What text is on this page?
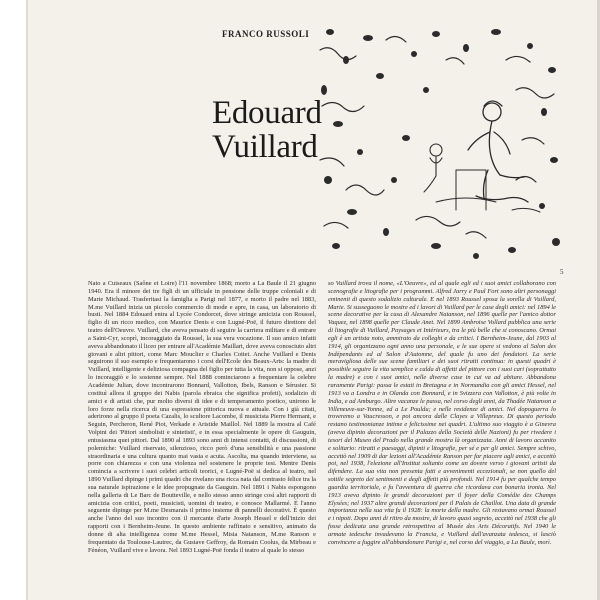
FRANCO RUSSOLI
Edouard
Vuillard
5

Nato a Cuiseaux (Saône et Loire) l'11 novembre 1868; morto a La Baule il 21 giugno 1940. Era il minore dei tre figli di un ufficiale in pensione delle truppe coloniali e di Marie Michaud. Trasferitasi la famiglia a Parigi nel 1877, e morto il padre nel 1883, M.me Vuillard inizia un piccolo commercio di mode e apre, in casa, un laboratorio di busti. Nel 1884 Edouard entra al Lycée Condorcet, dove stringe amicizia con Roussel, figlio di un ricco medico, con Maurice Denis e con Lugné-Poë, il futuro direttore del teatro dell'Oeuvre. Vuillard, che aveva pensato di seguire la carriera militare e di entrare a Saint-Cyr, scoprì, incoraggiato da Roussel, la sua vera vocazione. Il suo amico infatti aveva abbandonato il liceo per entrare all'Académie Maillart, dove aveva conosciuto altri giovani e altri pittori, come Marc Mouclier e Charles Cottet. Anche Vuillard e Denis seguirono il suo esempio e frequentarono i corsi dell'Ecole des Beaux-Arts: la madre di Vuillard, intelligente e deliziosa compagna del figlio per tutta la vita, non si oppose, anzi lo incoraggiò e lo sostenne sempre. Nel 1888 cominciarono a frequentare la celebre Académie Julian, dove incontrarono Bonnard, Vallotton, Ibels, Ranson e Sérusier. Si costituì allora il gruppo dei Nabis (parola ebraica che significa profeti), sodalizio di amici e di artisti che, pur molto diversi di idee e di temperamento poetico, unirono le loro forze nella ricerca di una espressione pittorica nuova e attuale. Con i già citati, aderirono al gruppo il poeta Cazalis, lo scultore Lacombe, il musicista Pierre Hermant, e Seguin, Percheron, René Piot, Verkade e Aristide Maillol. Nel 1889 la mostra al Café Volpini dei 'Pittori simbolisti e sintetisti', e in essa specialmente le opere di Gauguin, entusiasma quei pittori. Dal 1890 al 1893 sono anni di intensi contatti, di discussioni, di polemiche: Vuillard riservato, silenzioso, ricco però d'una sensibilità e una passione straordinaria e una cultura quanto mai vasta e acuta. Ascolta, ma quando interviene, sa porre con chiarezza e con una violenza nel sostenere le proprie tesi. Mentre Denis comincia a scrivere i suoi celebri articoli teorici, e Lugné-Poë si dedica al teatro, nel 1890 Vuillard dipinge i primi quadri che rivelano una ricca nata dal contrasto felice tra la sua naturale ispirazione e le idee propugnate da Gauguin. Nel 1891 i Nabis espongono nella galleria di Le Barc de Boutteville, e nello stesso anno stringe così altri rapporti di amicizia con critici, poeti, musicisti, uomini di teatro, e conosce Mallarmé. È l'anno seguente dipinge per M.me Desmarais il primo insieme di pannelli decorativi. È questo anche l'anno del suo incontro con il mercante d'arte Joseph Hessel e dell'inizio dei rapporti con i Bernheim-Jeune. In questo ambiente raffinato e sensitivo, animato da donne di alta intelligenza come M.me Hessel, Misia Natanson, M.me Ranson e frequentato da Toulouse-Lautrec, da Gustave Geffroy, da Romain Coolus, da Mirbeau e Fénéon, Vuillard vive e lavora. Nel 1893 Lugné-Poë fonda il teatro al quale lo stesso

so Vuillard trova il nome, «L'Oeuvre», ed al quale egli ed i suoi amici collaborano con scenografie e litografie per i programmi. Alfred Jarry e Paul Fort sono altri personaggi eminenti di questo sodalizio culturale. E nel 1893 Roussel sposa la sorella di Vuillard, Marie. Si susseguono le mostre ed i lavori di Vuillard per le case degli amici: nel 1894 le scene decorative per la casa di Alexandre Natanson, nel 1896 quelle per l'amico dottor Vaquez, nel 1898 quelle per Claude Anet. Nel 1899 Ambroise Vollard pubblica una serie di litografie di Vuillard, Paysages et Intérieurs, tra le più belle che si conoscano. Ormai egli è un artista noto, ammirato da colleghi e da critici. I Bernheim-Jeune, dal 1903 al 1914, gli organizzano ogni anno una personale, e le sue opere si vedono al Salon des Indépendants ed al Salon d'Automne, del quale fu uno dei fondatori. La serie meravigliosa delle sue scene familiari e dei suoi ritratti continua: in questi quadri è possibile seguire la vita semplice e calda di affetti del pittore con i suoi cari (soprattutto la madre) e con i suoi amici, nelle diverse case in cui va ad abitare. Abbandona raramente Parigi: passa le estati in Bretagna e in Normandia con gli amici Hessel, nel 1913 va a Londra e in Olanda con Bonnard, e in Svizzera con Vallotton, è più volte in India, e ad Amburgo. Altre vacanze le passa, nel corso degli anni, da Thadée Natanson a Villeneuve-sur-Yonne, ed a Le Pouldu; e nelle residenze di amici. Nel dopoguerra lo troveremo a Vaucresson, e poi ancora dalle Clayes a Villepreux. Di questo periodo restano testimonianze intime e felicissime nei quadri. L'ultimo suo viaggio è a Ginevra (aveva dipinto decorazioni per il Palazzo della Società delle Nazioni) fu per rivedere i tesori del Museo del Prado nella grande mostra là organizzata. Anni di lavoro accanito e solitario: ritratti e paesaggi, dipinti e litografie, per sé e per gli amici. Sempre schivo, accettò nel 1909 di dar lezioni all'Académie Ranson per far piacere agli amici, e accettò poi, nel 1938, l'elezione all'Institut soltanto come un dovere verso i giovani artisti da difendere. La sua vita non presenta fatti e avvenimenti eccezionali, se non quello del sottile segreto dei sentimenti e degli affetti più profondi. Nel 1914 fu per qualche tempo guardia territoriale, e fu l'avventura di guerra che ricordava con bonaria ironia. Nel 1913 aveva dipinto le grandi decorazioni per il foyer della Comédie des Champs Elysées; nel 1937 altre grandi decorazioni per il Palais de Chaillot. Una data di grande importanza nella sua vita fu il 1928: la morte della madre. Gli restavano ormai Roussel e i nipoti. Dopo anni di ritiro da mostre, di lavoro quasi segreto, accettò nel 1938 che gli fosse dedicata una grande retrospettiva al Musée des Arts Décoratifs. Nel 1940 le armate tedesche invadevano la Francia, e Vuillard dall'avanzata tedesca, si lasciò convincere a fuggire all'abbandonare Parigi e, nel corso del viaggio, a La Baule, morì.
